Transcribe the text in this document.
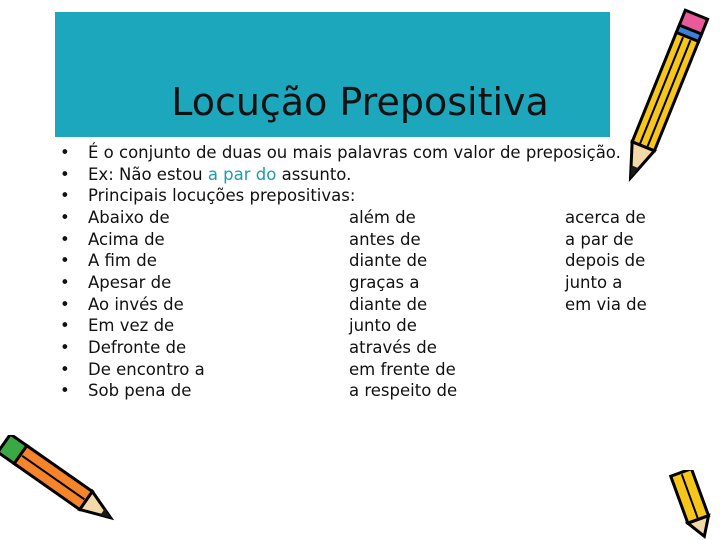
Locução Prepositiva
• É o conjunto de duas ou mais palavras com valor de preposição.
• Ex: Não estou a par do assunto.
• Principais locuções prepositivas:
• Abaixo de	além de	acerca de
• Acima de	antes de	a par de
• A fim de	diante de	depois de
• Apesar de	graças a	junto a
• Ao invés de	diante de	em via de
• Em vez de	junto de
• Defronte de	através de
• De encontro a	em frente de
• Sob pena de	a respeito de
